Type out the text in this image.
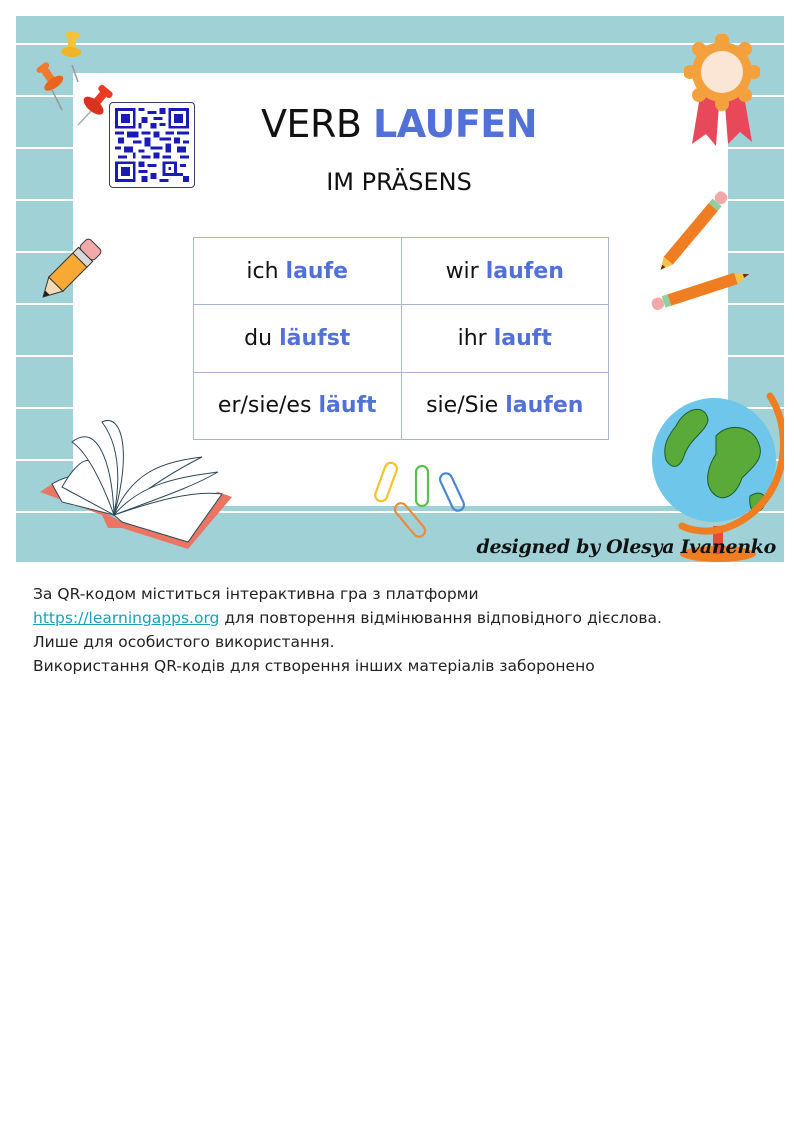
VERB LAUFEN
IM PRÄSENS
ich laufe	wir laufen
du läufst	ihr lauft
er/sie/es läuft	sie/Sie laufen
designed by Olesya Ivanenko
За QR-кодом міститься інтерактивна гра з платформи
https://learningapps.org для повторення відмінювання відповідного дієслова.
Лише для особистого використання.
Використання QR-кодів для створення інших матеріалів заборонено
